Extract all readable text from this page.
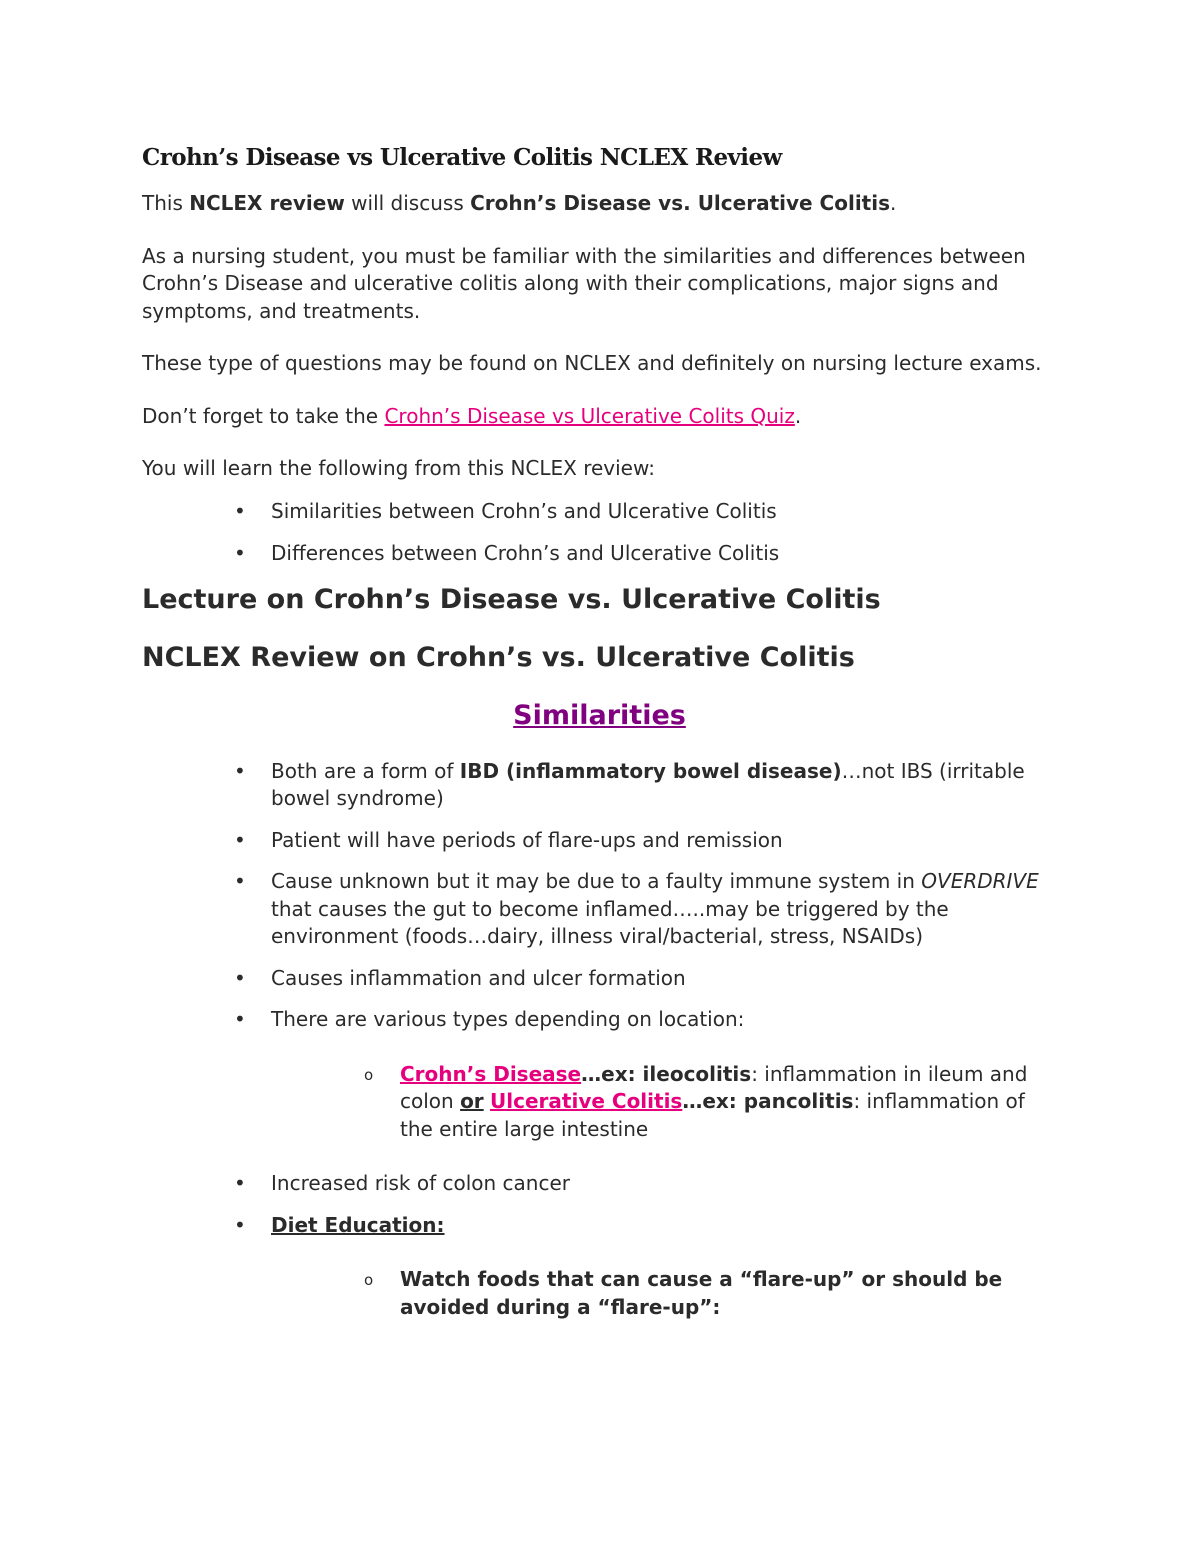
Crohn’s Disease vs Ulcerative Colitis NCLEX Review

This NCLEX review will discuss Crohn’s Disease vs. Ulcerative Colitis.

As a nursing student, you must be familiar with the similarities and differences between Crohn’s Disease and ulcerative colitis along with their complications, major signs and symptoms, and treatments.

These type of questions may be found on NCLEX and definitely on nursing lecture exams.

Don’t forget to take the Crohn’s Disease vs Ulcerative Colits Quiz.

You will learn the following from this NCLEX review:

• Similarities between Crohn’s and Ulcerative Colitis
• Differences between Crohn’s and Ulcerative Colitis
Lecture on Crohn’s Disease vs. Ulcerative Colitis
NCLEX Review on Crohn’s vs. Ulcerative Colitis
Similarities
• Both are a form of IBD (inflammatory bowel disease)…not IBS (irritable bowel syndrome)
• Patient will have periods of flare-ups and remission
• Cause unknown but it may be due to a faulty immune system in OVERDRIVE that causes the gut to become inflamed…..may be triggered by the environment (foods…dairy, illness viral/bacterial, stress, NSAIDs)
• Causes inflammation and ulcer formation
• There are various types depending on location:
o Crohn’s Disease…ex: ileocolitis: inflammation in ileum and colon or Ulcerative Colitis…ex: pancolitis: inflammation of the entire large intestine
• Increased risk of colon cancer
• Diet Education:
o Watch foods that can cause a “flare-up” or should be avoided during a “flare-up”:
